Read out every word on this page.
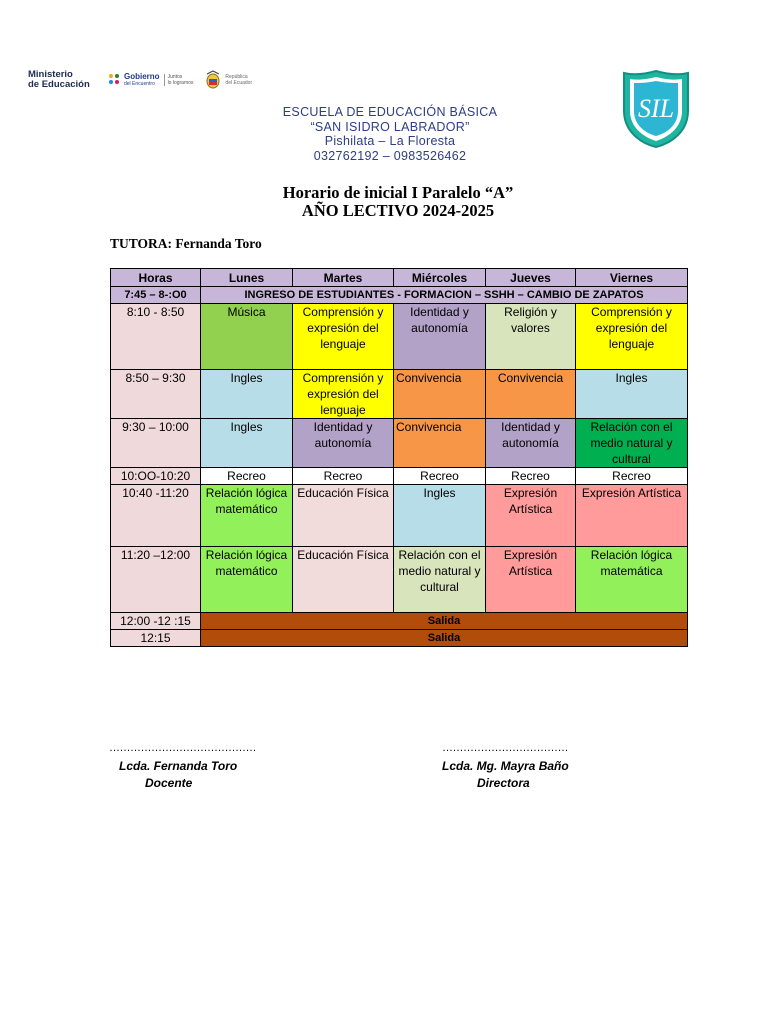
Ministerio
de Educación
Gobierno
del Encuentro
Juntos
lo logramos
República
del Ecuador
SIL
ESCUELA DE EDUCACIÓN BÁSICA
“SAN ISIDRO LABRADOR”
Pishilata – La Floresta
032762192 – 0983526462
Horario de inicial I Paralelo “A”
AÑO LECTIVO 2024-2025
TUTORA: Fernanda Toro
Horas	Lunes	Martes	Miércoles	Jueves	Viernes
7:45 – 8-:O0	INGRESO DE ESTUDIANTES - FORMACION – SSHH – CAMBIO DE ZAPATOS				
8:10 - 8:50	Música	Comprensión y expresión del lenguaje	Identidad y autonomía	Religión y valores	Comprensión y expresión del lenguaje
8:50 – 9:30	Ingles	Comprensión y expresión del lenguaje	Convivencia	Convivencia	Ingles
9:30 – 10:00	Ingles	Identidad y autonomía	Convivencia	Identidad y autonomía	Relación con el medio natural y cultural
10:OO-10:20	Recreo	Recreo	Recreo	Recreo	Recreo
10:40 -11:20	Relación lógica matemático	Educación Física	Ingles	Expresión Artística	Expresión Artística
11:20 –12:00	Relación lógica matemático	Educación Física	Relación con el medio natural y cultural	Expresión Artística	Relación lógica matemática
12:00 -12 :15	Salida				
12:15	Salida				
……………………………………
Lcda. Fernanda Toro
Docente
………………………………
Lcda. Mg. Mayra Baño
Directora
